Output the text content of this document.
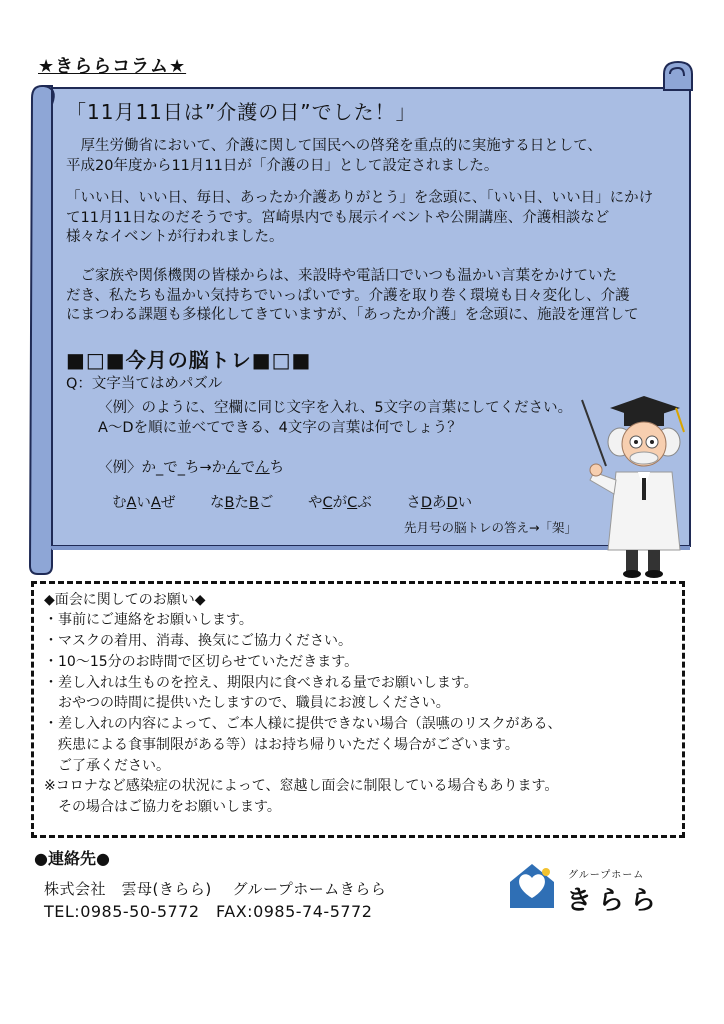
★きららコラム★
「11月11日は”介護の日”でした！」
　厚生労働省において、介護に関して国民への啓発を重点的に実施する日として、
平成20年度から11月11日が「介護の日」として設定されました。
「いい日、いい日、毎日、あったか介護ありがとう」を念頭に、「いい日、いい日」にかけ
て11月11日なのだそうです。宮崎県内でも展示イベントや公開講座、介護相談など
様々なイベントが行われました。
　ご家族や関係機関の皆様からは、来設時や電話口でいつも温かい言葉をかけていた
だき、私たちも温かい気持ちでいっぱいです。介護を取り巻く環境も日々変化し、介護
にまつわる課題も多様化してきていますが、「あったか介護」を念頭に、施設を運営して
■□■今月の脳トレ■□■
Q：文字当てはめパズル
〈例〉のように、空欄に同じ文字を入れ、5文字の言葉にしてください。
A～Dを順に並べてできる、4文字の言葉は何でしょう？
〈例〉か_で_ち→かんでんち
むAいAぜ なBたBご やCがCぶ さDあDい
先月号の脳トレの答え→「架」
◆面会に関してのお願い◆
・事前にご連絡をお願いします。
・マスクの着用、消毒、換気にご協力ください。
・10～15分のお時間で区切らせていただきます。
・差し入れは生ものを控え、期限内に食べきれる量でお願いします。
　おやつの時間に提供いたしますので、職員にお渡しください。
・差し入れの内容によって、ご本人様に提供できない場合（誤嚥のリスクがある、
　疾患による食事制限がある等）はお持ち帰りいただく場合がございます。
　ご了承ください。
※コロナなど感染症の状況によって、窓越し面会に制限している場合もあります。
　その場合はご協力をお願いします。
●連絡先●
株式会社　雲母(きらら)　 グループホームきらら
TEL:0985-50-5772　FAX:0985-74-5772
グループホーム
きらら
